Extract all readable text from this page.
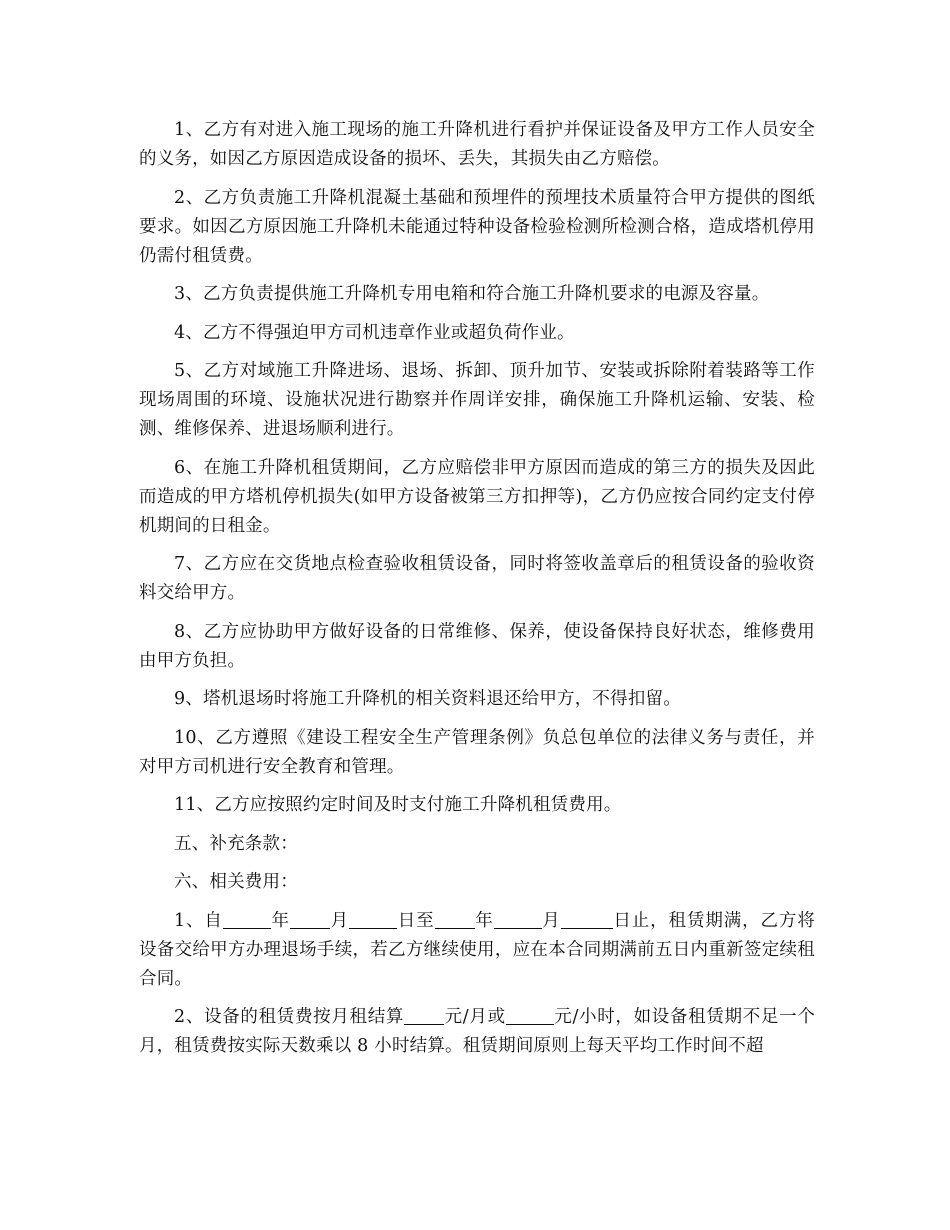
1、乙方有对进入施工现场的施工升降机进行看护并保证设备及甲方工作人员安全的义务，如因乙方原因造成设备的损坏、丢失，其损失由乙方赔偿。

2、乙方负责施工升降机混凝土基础和预埋件的预埋技术质量符合甲方提供的图纸要求。如因乙方原因施工升降机未能通过特种设备检验检测所检测合格，造成塔机停用仍需付租赁费。

3、乙方负责提供施工升降机专用电箱和符合施工升降机要求的电源及容量。

4、乙方不得强迫甲方司机违章作业或超负荷作业。

5、乙方对域施工升降进场、退场、拆卸、顶升加节、安装或拆除附着装路等工作现场周围的环境、设施状况进行勘察并作周详安排，确保施工升降机运输、安装、检测、维修保养、进退场顺利进行。

6、在施工升降机租赁期间，乙方应赔偿非甲方原因而造成的第三方的损失及因此而造成的甲方塔机停机损失(如甲方设备被第三方扣押等)，乙方仍应按合同约定支付停机期间的日租金。

7、乙方应在交货地点检查验收租赁设备，同时将签收盖章后的租赁设备的验收资料交给甲方。

8、乙方应协助甲方做好设备的日常维修、保养，使设备保持良好状态，维修费用由甲方负担。

9、塔机退场时将施工升降机的相关资料退还给甲方，不得扣留。

10、乙方遵照《建设工程安全生产管理条例》负总包单位的法律义务与责任，并对甲方司机进行安全教育和管理。

11、乙方应按照约定时间及时支付施工升降机租赁费用。

五、补充条款：

六、相关费用：

1、自	年 月	日至 年	月	日止，租赁期满，乙方将设备交给甲方办理退场手续，若乙方继续使用，应在本合同期满前五日内重新签定续租合同。

2、设备的租赁费按月租结算 元/月或	元/小时，如设备租赁期不足一个月，租赁费按实际天数乘以 8 小时结算。租赁期间原则上每天平均工作时间不超
